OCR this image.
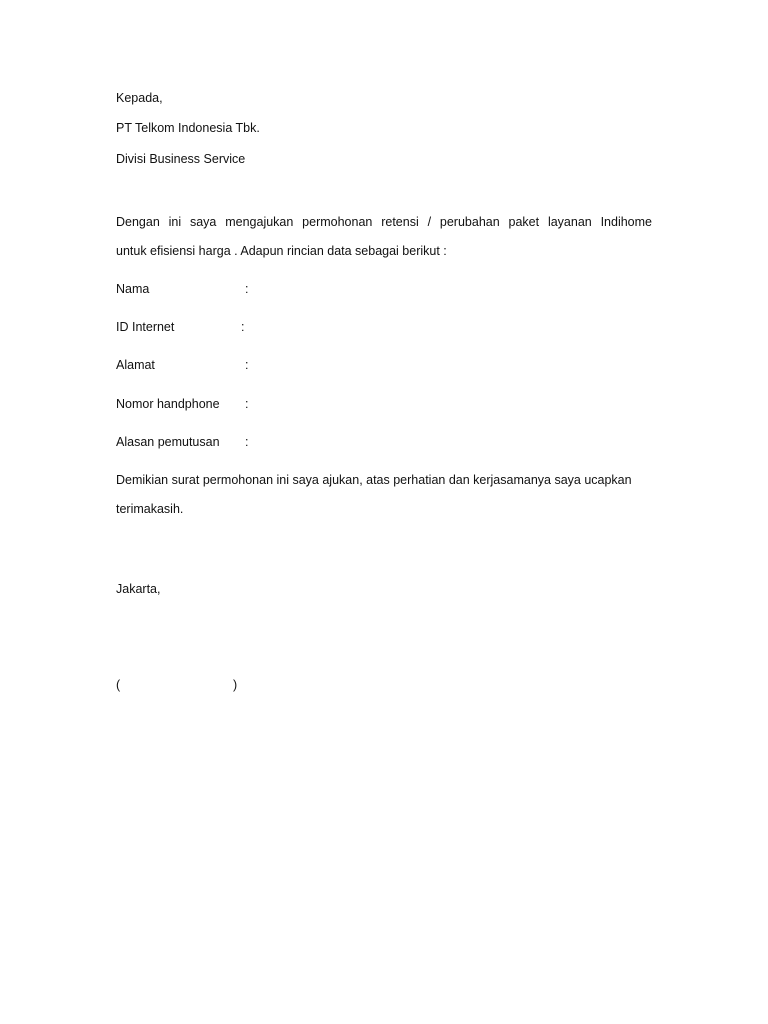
Kepada,
PT Telkom Indonesia Tbk.
Divisi Business Service
Dengan ini saya mengajukan permohonan retensi / perubahan paket layanan Indihome
untuk efisiensi harga . Adapun rincian data sebagai berikut :
Nama	:
ID Internet	:
Alamat	:
Nomor handphone :
Alasan pemutusan :
Demikian surat permohonan ini saya ajukan, atas perhatian dan kerjasamanya saya ucapkan
terimakasih.
Jakarta,
(	)
